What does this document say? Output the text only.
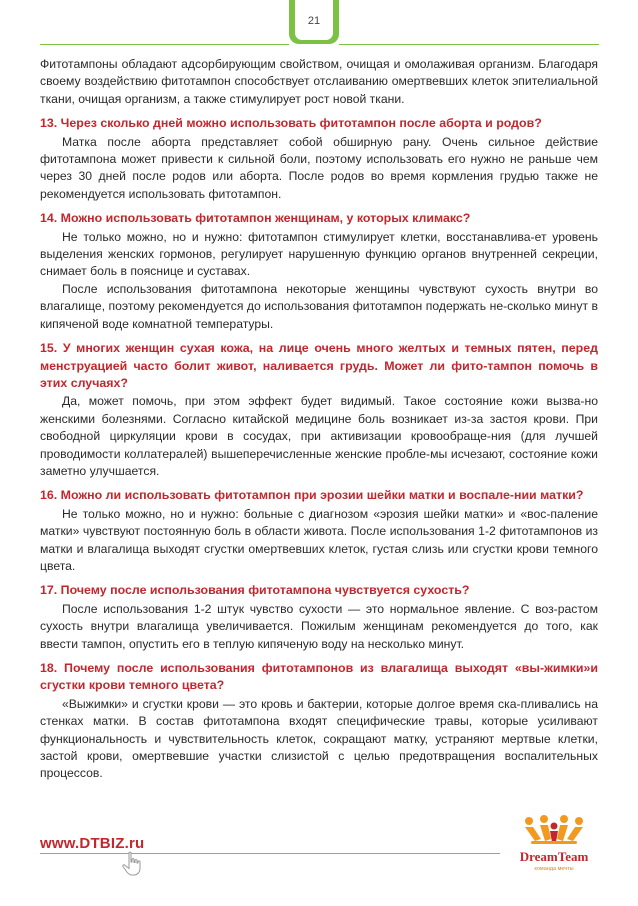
21

Фитотампоны обладают адсорбирующим свойством, очищая и омолаживая организм. Благодаря своему воздействию фитотампон способствует отслаиванию омертвевших клеток эпителиальной ткани, очищая организм, а также стимулирует рост новой ткани.

13. Через сколько дней можно использовать фитотампон после аборта и родов?

Матка после аборта представляет собой обширную рану. Очень сильное действие фитотампона может привести к сильной боли, поэтому использовать его нужно не раньше чем через 30 дней после родов или аборта. После родов во время кормления грудью также не рекомендуется использовать фитотампон.

14. Можно использовать фитотампон женщинам, у которых климакс?

Не только можно, но и нужно: фитотампон стимулирует клетки, восстанавлива-ет уровень выделения женских гормонов, регулирует нарушенную функцию органов внутренней секреции, снимает боль в пояснице и суставах.

После использования фитотампона некоторые женщины чувствуют сухость внутри во влагалище, поэтому рекомендуется до использования фитотампон подержать не-сколько минут в кипяченой воде комнатной температуры.

15. У многих женщин сухая кожа, на лице очень много желтых и темных пятен, перед менструацией часто болит живот, наливается грудь. Может ли фито-тампон помочь в этих случаях?

Да, может помочь, при этом эффект будет видимый. Такое состояние кожи вызва-но женскими болезнями. Согласно китайской медицине боль возникает из-за застоя крови. При свободной циркуляции крови в сосудах, при активизации кровообраще-ния (для лучшей проводимости коллатералей) вышеперечисленные женские пробле-мы исчезают, состояние кожи заметно улучшается.

16. Можно ли использовать фитотампон при эрозии шейки матки и воспале-нии матки?

Не только можно, но и нужно: больные с диагнозом «эрозия шейки матки» и «вос-паление матки» чувствуют постоянную боль в области живота. После использования 1-2 фитотампонов из матки и влагалища выходят сгустки омертвевших клеток, густая слизь или сгустки крови темного цвета.

17. Почему после использования фитотампона чувствуется сухость?

После использования 1-2 штук чувство сухости — это нормальное явление. С воз-растом сухость внутри влагалища увеличивается. Пожилым женщинам рекомендуется до того, как ввести тампон, опустить его в теплую кипяченую воду на несколько минут.

18. Почему после использования фитотампонов из влагалища выходят «вы-жимки»и сгустки крови темного цвета?

«Выжимки» и сгустки крови — это кровь и бактерии, которые долгое время ска-пливались на стенках матки. В состав фитотампона входят специфические травы, которые усиливают функциональность и чувствительность клеток, сокращают матку, устраняют мертвые клетки, застой крови, омертвевшие участки слизистой с целью предотвращения воспалительных процессов.

www.DTBIZ.ru
DreamTeam
команда мечты
